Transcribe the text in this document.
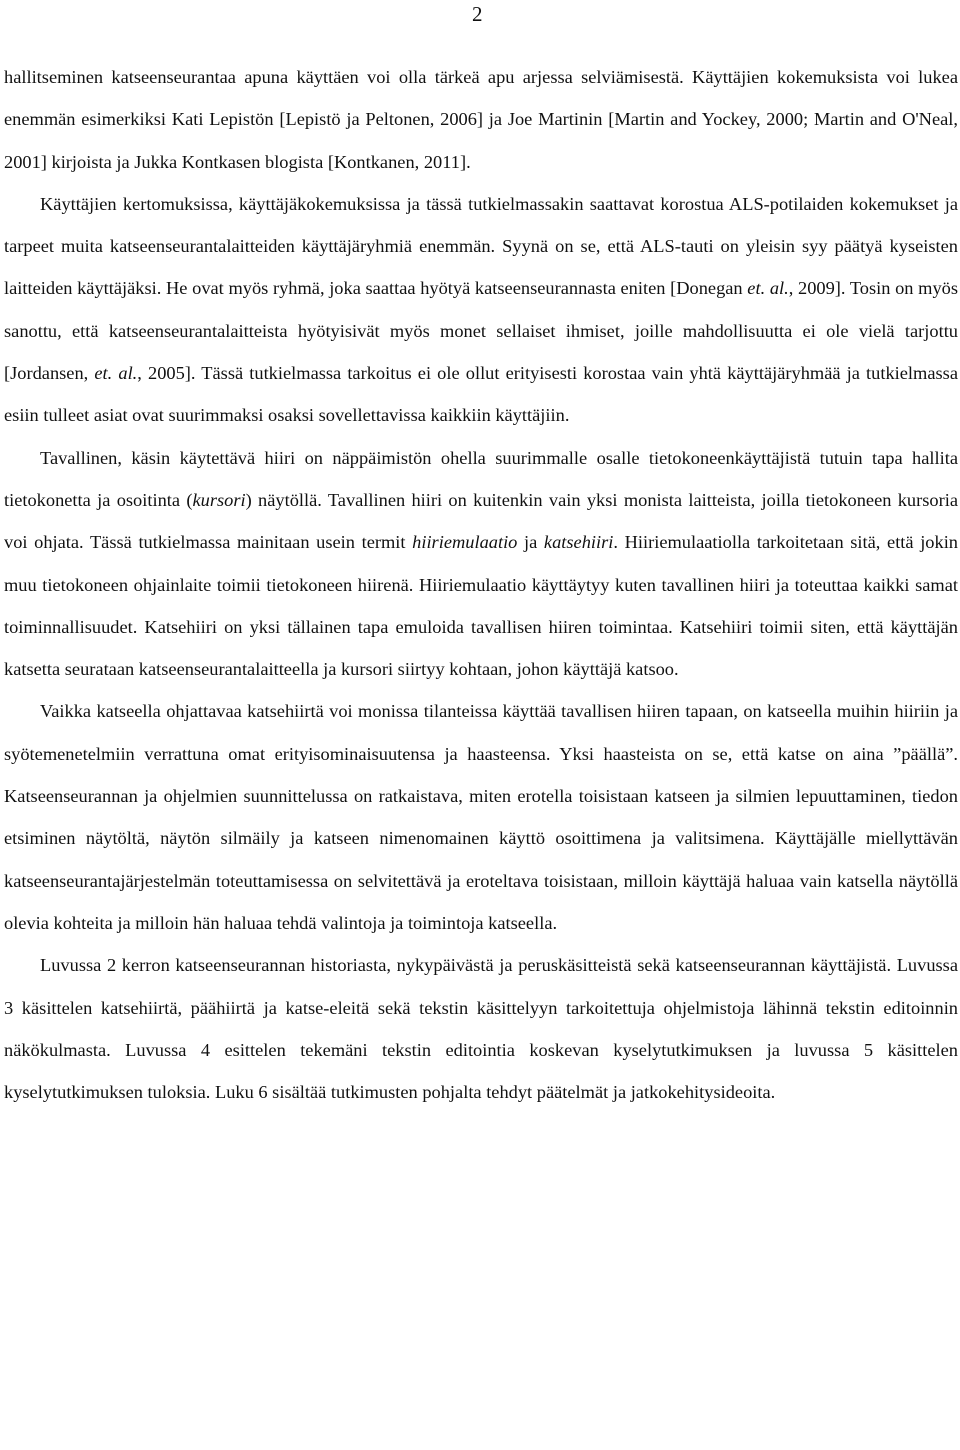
2

hallitseminen katseenseurantaa apuna käyttäen voi olla tärkeä apu arjessa selviämisestä. Käyttäjien kokemuksista voi lukea enemmän esimerkiksi Kati Lepistön [Lepistö ja Peltonen, 2006] ja Joe Martinin [Martin and Yockey, 2000; Martin and O'Neal, 2001] kirjoista ja Jukka Kontkasen blogista [Kontkanen, 2011].

Käyttäjien kertomuksissa, käyttäjäkokemuksissa ja tässä tutkielmassakin saattavat korostua ALS-potilaiden kokemukset ja tarpeet muita katseenseurantalaitteiden käyttäjäryhmiä enemmän. Syynä on se, että ALS-tauti on yleisin syy päätyä kyseisten laitteiden käyttäjäksi. He ovat myös ryhmä, joka saattaa hyötyä katseenseurannasta eniten [Donegan et. al., 2009]. Tosin on myös sanottu, että katseenseurantalaitteista hyötyisivät myös monet sellaiset ihmiset, joille mahdollisuutta ei ole vielä tarjottu [Jordansen, et. al., 2005]. Tässä tutkielmassa tarkoitus ei ole ollut erityisesti korostaa vain yhtä käyttäjäryhmää ja tutkielmassa esiin tulleet asiat ovat suurimmaksi osaksi sovellettavissa kaikkiin käyttäjiin.

Tavallinen, käsin käytettävä hiiri on näppäimistön ohella suurimmalle osalle tietokoneenkäyttäjistä tutuin tapa hallita tietokonetta ja osoitinta (kursori) näytöllä. Tavallinen hiiri on kuitenkin vain yksi monista laitteista, joilla tietokoneen kursoria voi ohjata. Tässä tutkielmassa mainitaan usein termit hiiriemulaatio ja katsehiiri. Hiiriemulaatiolla tarkoitetaan sitä, että jokin muu tietokoneen ohjainlaite toimii tietokoneen hiirenä. Hiiriemulaatio käyttäytyy kuten tavallinen hiiri ja toteuttaa kaikki samat toiminnallisuudet. Katsehiiri on yksi tällainen tapa emuloida tavallisen hiiren toimintaa. Katsehiiri toimii siten, että käyttäjän katsetta seurataan katseenseurantalaitteella ja kursori siirtyy kohtaan, johon käyttäjä katsoo.

Vaikka katseella ohjattavaa katsehiirtä voi monissa tilanteissa käyttää tavallisen hiiren tapaan, on katseella muihin hiiriin ja syötemenetelmiin verrattuna omat erityisominaisuutensa ja haasteensa. Yksi haasteista on se, että katse on aina ”päällä”. Katseenseurannan ja ohjelmien suunnittelussa on ratkaistava, miten erotella toisistaan katseen ja silmien lepuuttaminen, tiedon etsiminen näytöltä, näytön silmäily ja katseen nimenomainen käyttö osoittimena ja valitsimena. Käyttäjälle miellyttävän katseenseurantajärjestelmän toteuttamisessa on selvitettävä ja eroteltava toisistaan, milloin käyttäjä haluaa vain katsella näytöllä olevia kohteita ja milloin hän haluaa tehdä valintoja ja toimintoja katseella.

Luvussa 2 kerron katseenseurannan historiasta, nykypäivästä ja peruskäsitteistä sekä katseenseurannan käyttäjistä. Luvussa 3 käsittelen katsehiirtä, päähiirtä ja katse-eleitä sekä tekstin käsittelyyn tarkoitettuja ohjelmistoja lähinnä tekstin editoinnin näkökulmasta. Luvussa 4 esittelen tekemäni tekstin editointia koskevan kyselytutkimuksen ja luvussa 5 käsittelen kyselytutkimuksen tuloksia. Luku 6 sisältää tutkimusten pohjalta tehdyt päätelmät ja jatkokehitysideoita.
